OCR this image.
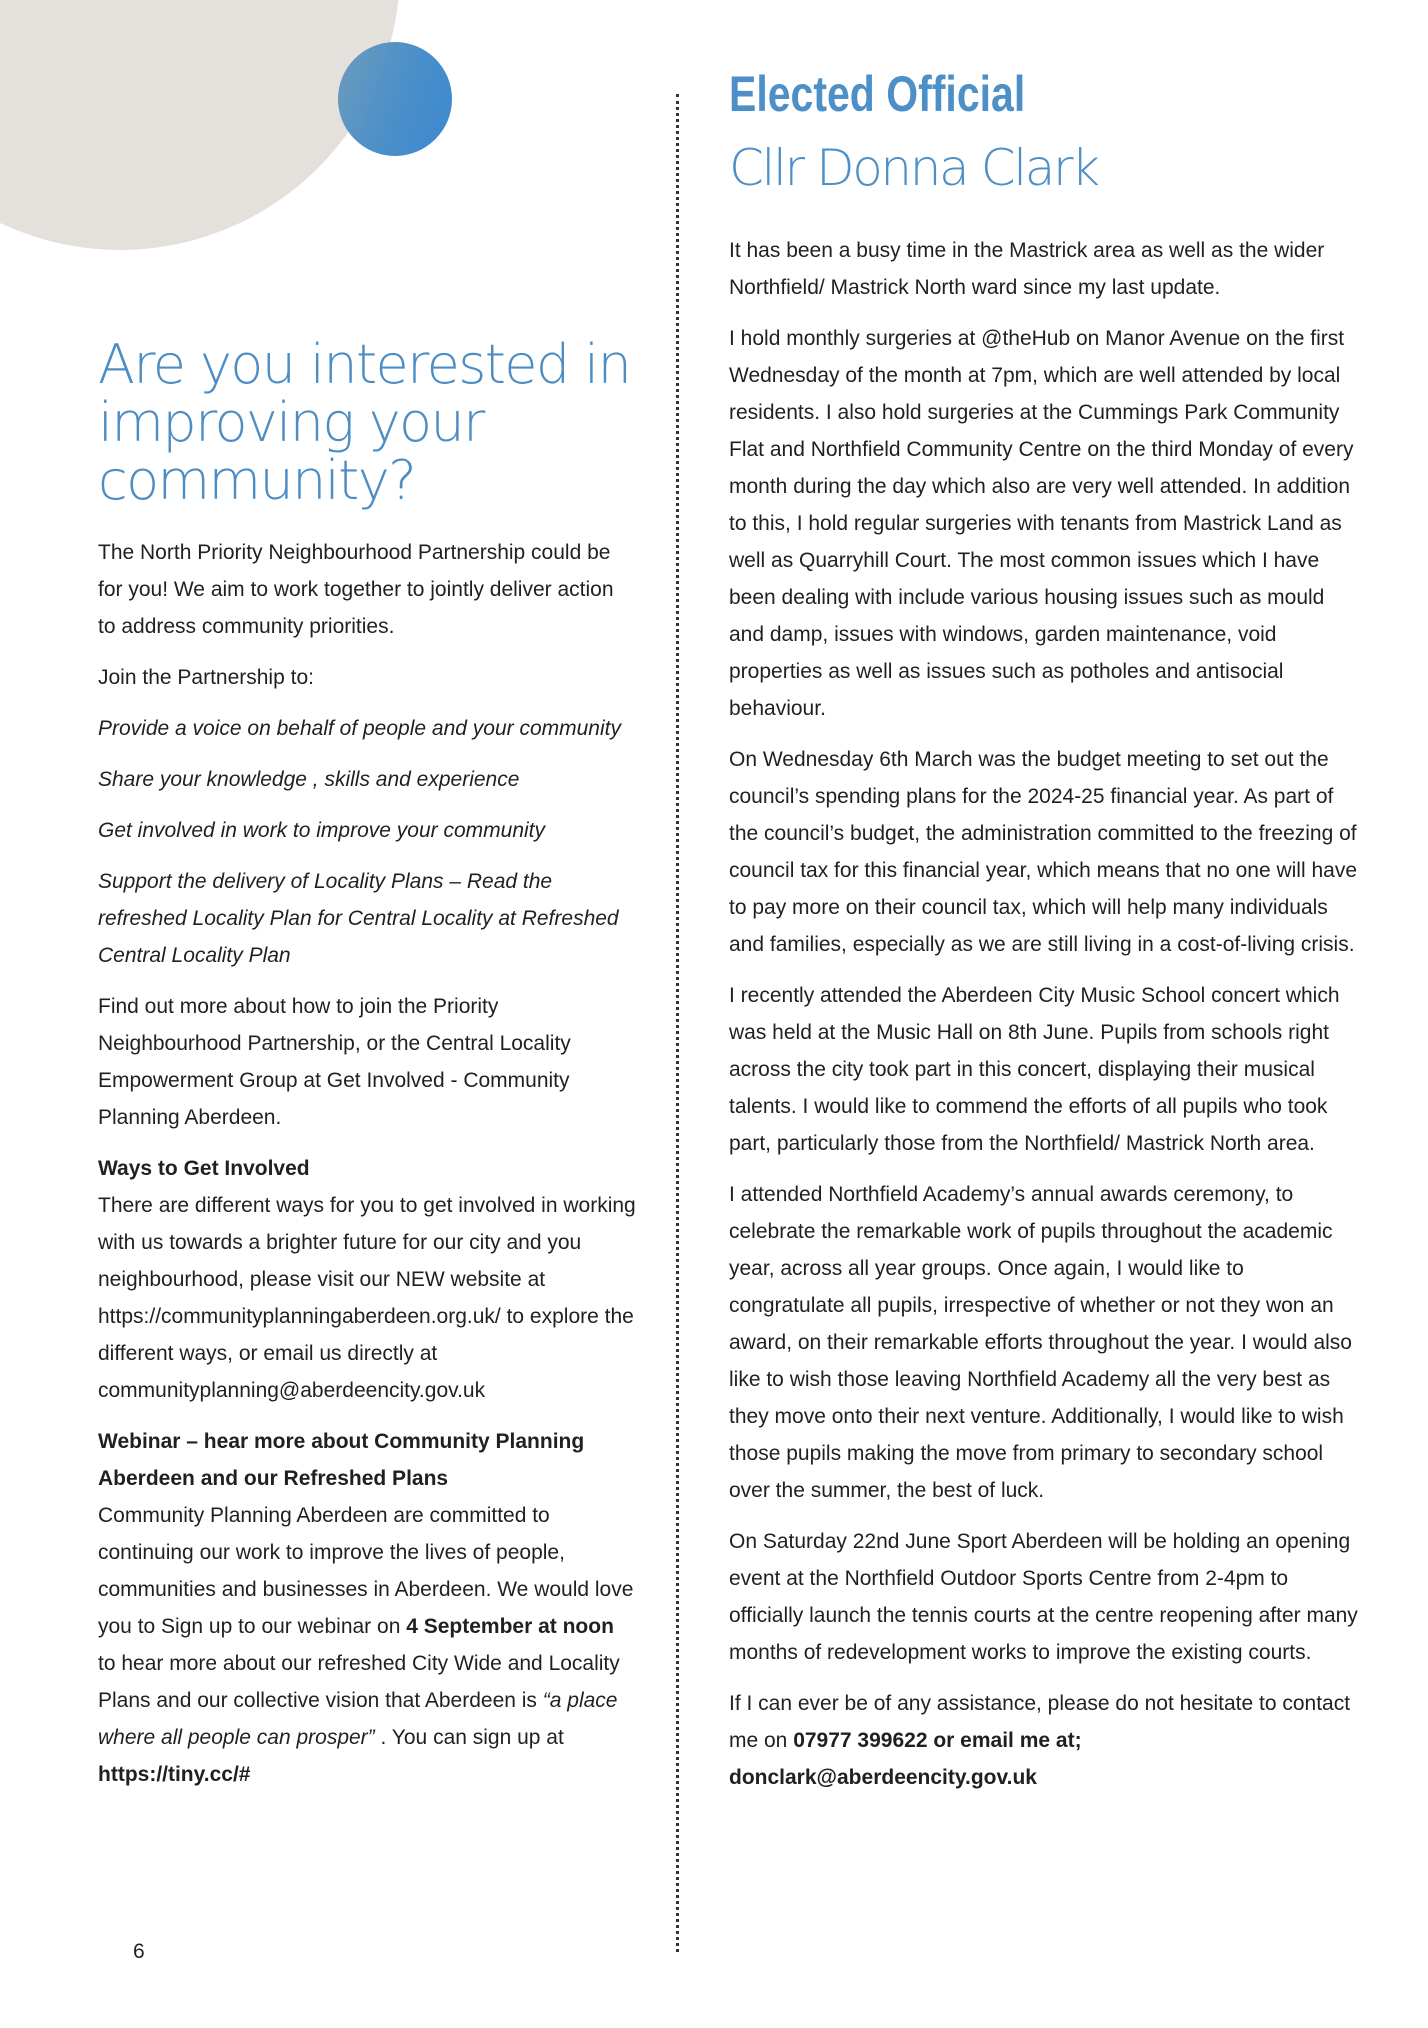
Are you interested in improving your community?

The North Priority Neighbourhood Partnership could be for you! We aim to work together to jointly deliver action to address community priorities.

Join the Partnership to:

Provide a voice on behalf of people and your community

Share your knowledge , skills and experience

Get involved in work to improve your community

Support the delivery of Locality Plans – Read the refreshed Locality Plan for Central Locality at Refreshed Central Locality Plan

Find out more about how to join the Priority Neighbourhood Partnership, or the Central Locality Empowerment Group at Get Involved - Community Planning Aberdeen.

Ways to Get Involved

There are different ways for you to get involved in working with us towards a brighter future for our city and you neighbourhood, please visit our NEW website at https://communityplanningaberdeen.org.uk/ to explore the different ways, or email us directly at communityplanning@aberdeencity.gov.uk

Webinar – hear more about Community Planning Aberdeen and our Refreshed Plans

Community Planning Aberdeen are committed to continuing our work to improve the lives of people, communities and businesses in Aberdeen. We would love you to Sign up to our webinar on 4 September at noon to hear more about our refreshed City Wide and Locality Plans and our collective vision that Aberdeen is “a place where all people can prosper” . You can sign up at https://tiny.cc/#

Elected Official
Cllr Donna Clark

It has been a busy time in the Mastrick area as well as the wider Northfield/ Mastrick North ward since my last update.

I hold monthly surgeries at @theHub on Manor Avenue on the first Wednesday of the month at 7pm, which are well attended by local residents. I also hold surgeries at the Cummings Park Community Flat and Northfield Community Centre on the third Monday of every month during the day which also are very well attended. In addition to this, I hold regular surgeries with tenants from Mastrick Land as well as Quarryhill Court. The most common issues which I have been dealing with include various housing issues such as mould and damp, issues with windows, garden maintenance, void properties as well as issues such as potholes and antisocial behaviour.

On Wednesday 6th March was the budget meeting to set out the council’s spending plans for the 2024-25 financial year. As part of the council’s budget, the administration committed to the freezing of council tax for this financial year, which means that no one will have to pay more on their council tax, which will help many individuals and families, especially as we are still living in a cost-of-living crisis.

I recently attended the Aberdeen City Music School concert which was held at the Music Hall on 8th June. Pupils from schools right across the city took part in this concert, displaying their musical talents. I would like to commend the efforts of all pupils who took part, particularly those from the Northfield/ Mastrick North area.

I attended Northfield Academy’s annual awards ceremony, to celebrate the remarkable work of pupils throughout the academic year, across all year groups. Once again, I would like to congratulate all pupils, irrespective of whether or not they won an award, on their remarkable efforts throughout the year. I would also like to wish those leaving Northfield Academy all the very best as they move onto their next venture. Additionally, I would like to wish those pupils making the move from primary to secondary school over the summer, the best of luck.

On Saturday 22nd June Sport Aberdeen will be holding an opening event at the Northfield Outdoor Sports Centre from 2-4pm to officially launch the tennis courts at the centre reopening after many months of redevelopment works to improve the existing courts.

If I can ever be of any assistance, please do not hesitate to contact me on 07977 399622 or email me at; donclark@aberdeencity.gov.uk

6
